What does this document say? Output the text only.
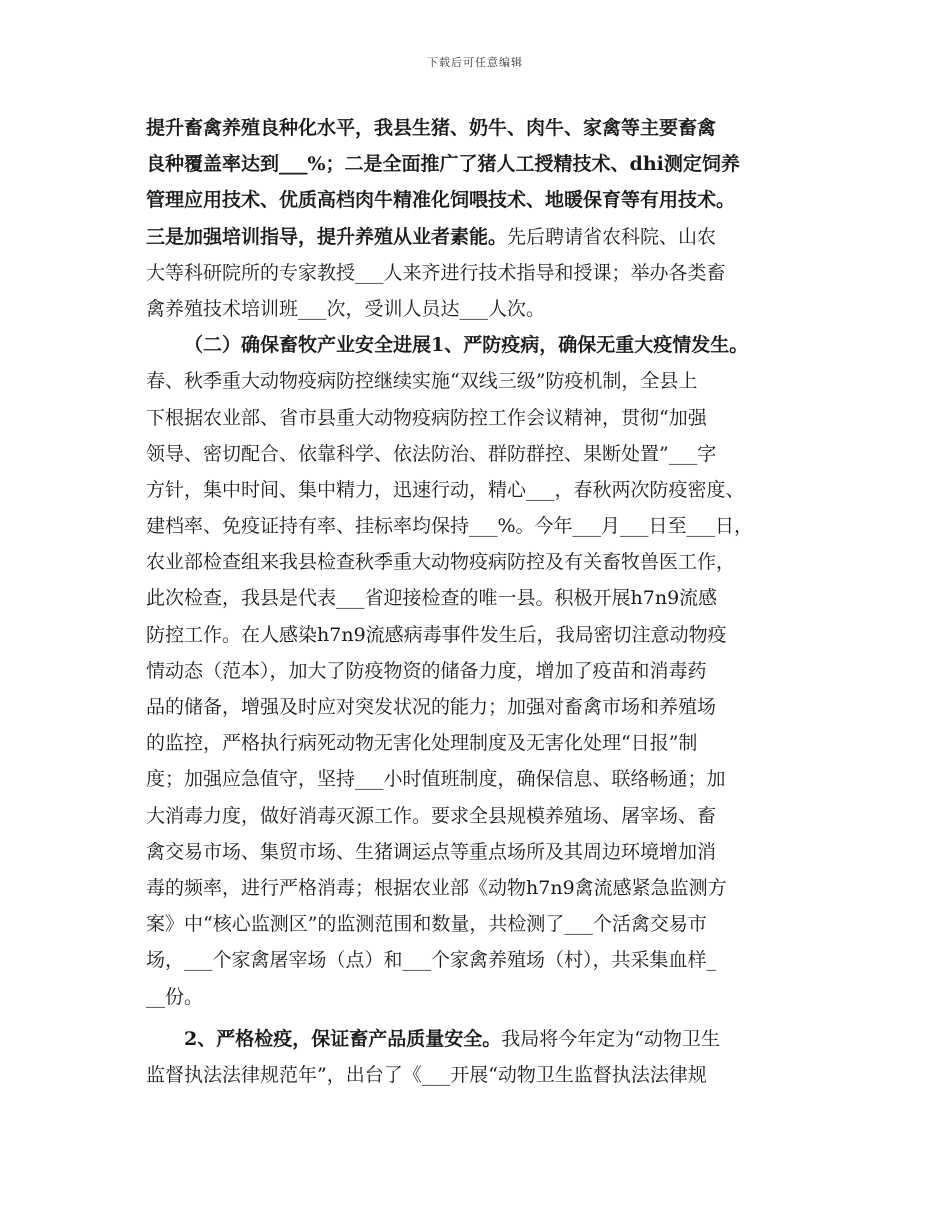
下载后可任意编辑
提升畜禽养殖良种化水平，我县生猪、奶牛、肉牛、家禽等主要畜禽
良种覆盖率达到___%；二是全面推广了猪人工授精技术、dhi测定饲养
管理应用技术、优质高档肉牛精准化饲喂技术、地暖保育等有用技术。
三是加强培训指导，提升养殖从业者素能。先后聘请省农科院、山农
大等科研院所的专家教授___人来齐进行技术指导和授课；举办各类畜
禽养殖技术培训班___次，受训人员达___人次。
（二）确保畜牧产业安全进展1、严防疫病，确保无重大疫情发生。
春、秋季重大动物疫病防控继续实施“双线三级”防疫机制，全县上
下根据农业部、省市县重大动物疫病防控工作会议精神，贯彻“加强
领导、密切配合、依靠科学、依法防治、群防群控、果断处置”___字
方针，集中时间、集中精力，迅速行动，精心___，春秋两次防疫密度、
建档率、免疫证持有率、挂标率均保持___%。今年___月___日至___日，
农业部检查组来我县检查秋季重大动物疫病防控及有关畜牧兽医工作，
此次检查，我县是代表___省迎接检查的唯一县。积极开展h7n9流感
防控工作。在人感染h7n9流感病毒事件发生后，我局密切注意动物疫
情动态（范本），加大了防疫物资的储备力度，增加了疫苗和消毒药
品的储备，增强及时应对突发状况的能力；加强对畜禽市场和养殖场
的监控，严格执行病死动物无害化处理制度及无害化处理“日报”制
度；加强应急值守，坚持___小时值班制度，确保信息、联络畅通；加
大消毒力度，做好消毒灭源工作。要求全县规模养殖场、屠宰场、畜
禽交易市场、集贸市场、生猪调运点等重点场所及其周边环境增加消
毒的频率，进行严格消毒；根据农业部《动物h7n9禽流感紧急监测方
案》中“核心监测区”的监测范围和数量，共检测了___个活禽交易市
场，___个家禽屠宰场（点）和___个家禽养殖场（村），共采集血样_
__份。
2、严格检疫，保证畜产品质量安全。我局将今年定为“动物卫生
监督执法法律规范年”，出台了《___开展“动物卫生监督执法法律规
